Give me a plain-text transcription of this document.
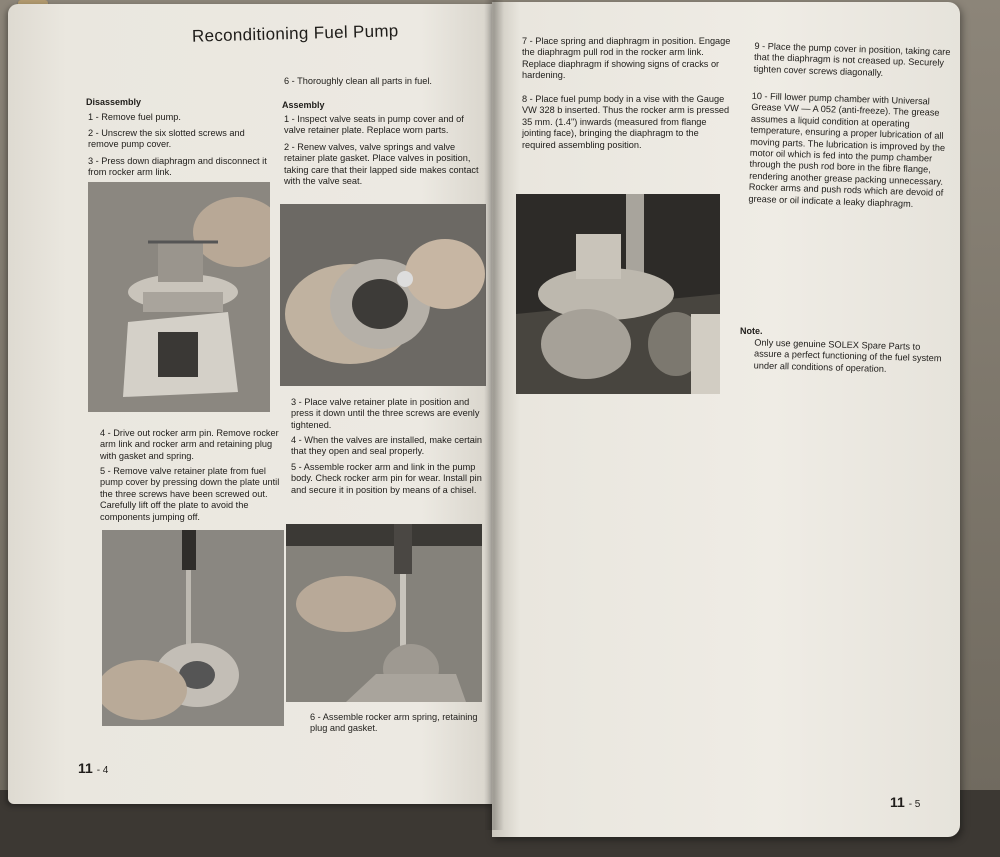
Reconditioning Fuel Pump
Disassembly
1 - Remove fuel pump.
2 - Unscrew the six slotted screws and remove pump cover.
3 - Press down diaphragm and disconnect it from rocker arm link.
6 - Thoroughly clean all parts in fuel.
Assembly
1 - Inspect valve seats in pump cover and of valve retainer plate. Replace worn parts.
2 - Renew valves, valve springs and valve retainer plate gasket. Place valves in position, taking care that their lapped side makes contact with the valve seat.
3 - Place valve retainer plate in position and press it down until the three screws are evenly tightened.
4 - When the valves are installed, make certain that they open and seal properly.
5 - Assemble rocker arm and link in the pump body. Check rocker arm pin for wear. Install pin and secure it in position by means of a chisel.
4 - Drive out rocker arm pin. Remove rocker arm link and rocker arm and retaining plug with gasket and spring.
5 - Remove valve retainer plate from fuel pump cover by pressing down the plate until the three screws have been screwed out. Carefully lift off the plate to avoid the components jumping off.
6 - Assemble rocker arm spring, retaining plug and gasket.
11 - 4
7 - Place spring and diaphragm in position. Engage the diaphragm pull rod in the rocker arm link. Replace diaphragm if showing signs of cracks or hardening.
8 - Place fuel pump body in a vise with the Gauge VW 328 b inserted. Thus the rocker arm is pressed 35 mm. (1.4") inwards (measured from flange jointing face), bringing the diaphragm to the required assembling position.
9 - Place the pump cover in position, taking care that the diaphragm is not creased up. Securely tighten cover screws diagonally.
10 - Fill lower pump chamber with Universal Grease VW — A 052 (anti-freeze). The grease assumes a liquid condition at operating temperature, ensuring a proper lubrication of all moving parts. The lubrication is improved by the motor oil which is fed into the pump chamber through the push rod bore in the fibre flange, rendering another grease packing unnecessary. Rocker arms and push rods which are devoid of grease or oil indicate a leaky diaphragm.
Note.
Only use genuine SOLEX Spare Parts to assure a perfect functioning of the fuel system under all conditions of operation.
11 - 5
